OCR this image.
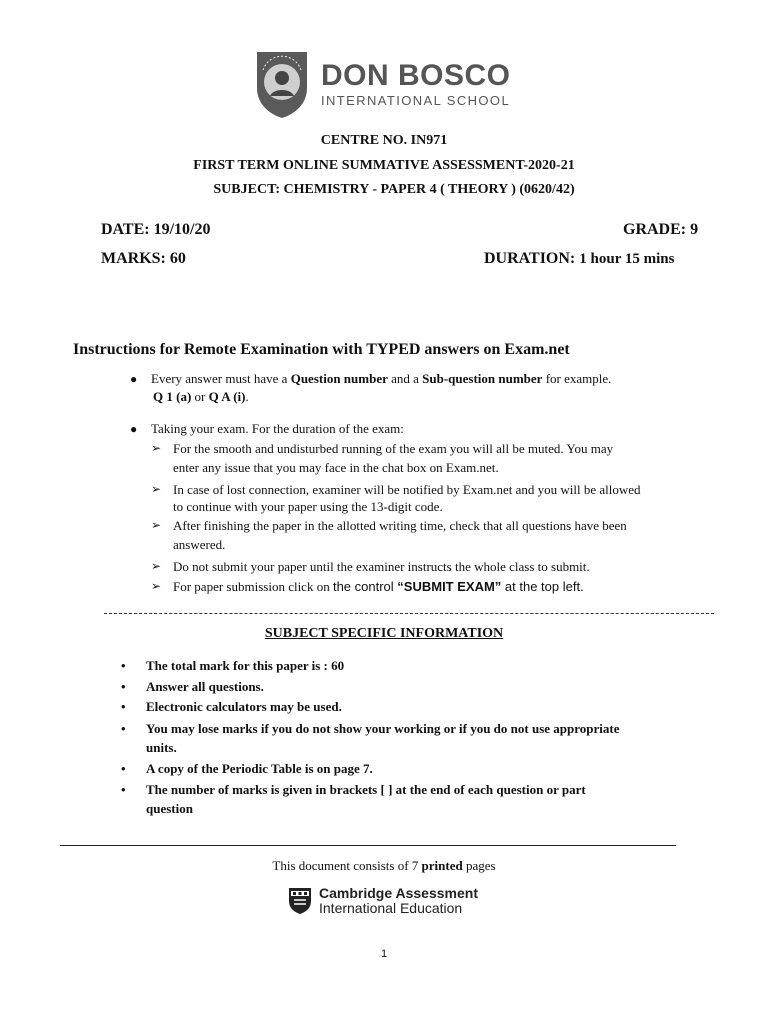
DON BOSCO
INTERNATIONAL SCHOOL
CENTRE NO. IN971
FIRST TERM ONLINE SUMMATIVE ASSESSMENT-2020-21
SUBJECT: CHEMISTRY - PAPER 4 ( THEORY ) (0620/42)
DATE: 19/10/20	GRADE: 9
MARKS: 60	DURATION: 1 hour 15 mins
Instructions for Remote Examination with TYPED answers on Exam.net
● Every answer must have a Question number and a Sub-question number for example.
Q 1 (a) or Q A (i).
● Taking your exam. For the duration of the exam:
➢ For the smooth and undisturbed running of the exam you will all be muted. You may
enter any issue that you may face in the chat box on Exam.net.
➢ In case of lost connection, examiner will be notified by Exam.net and you will be allowed
to continue with your paper using the 13-digit code.
➢ After finishing the paper in the allotted writing time, check that all questions have been
answered.
➢ Do not submit your paper until the examiner instructs the whole class to submit.
➢ For paper submission click on the control “SUBMIT EXAM” at the top left.
SUBJECT SPECIFIC INFORMATION
• The total mark for this paper is : 60
• Answer all questions.
• Electronic calculators may be used.
• You may lose marks if you do not show your working or if you do not use appropriate
units.
• A copy of the Periodic Table is on page 7.
• The number of marks is given in brackets [ ] at the end of each question or part
question
This document consists of 7 printed pages
Cambridge Assessment
International Education
1
